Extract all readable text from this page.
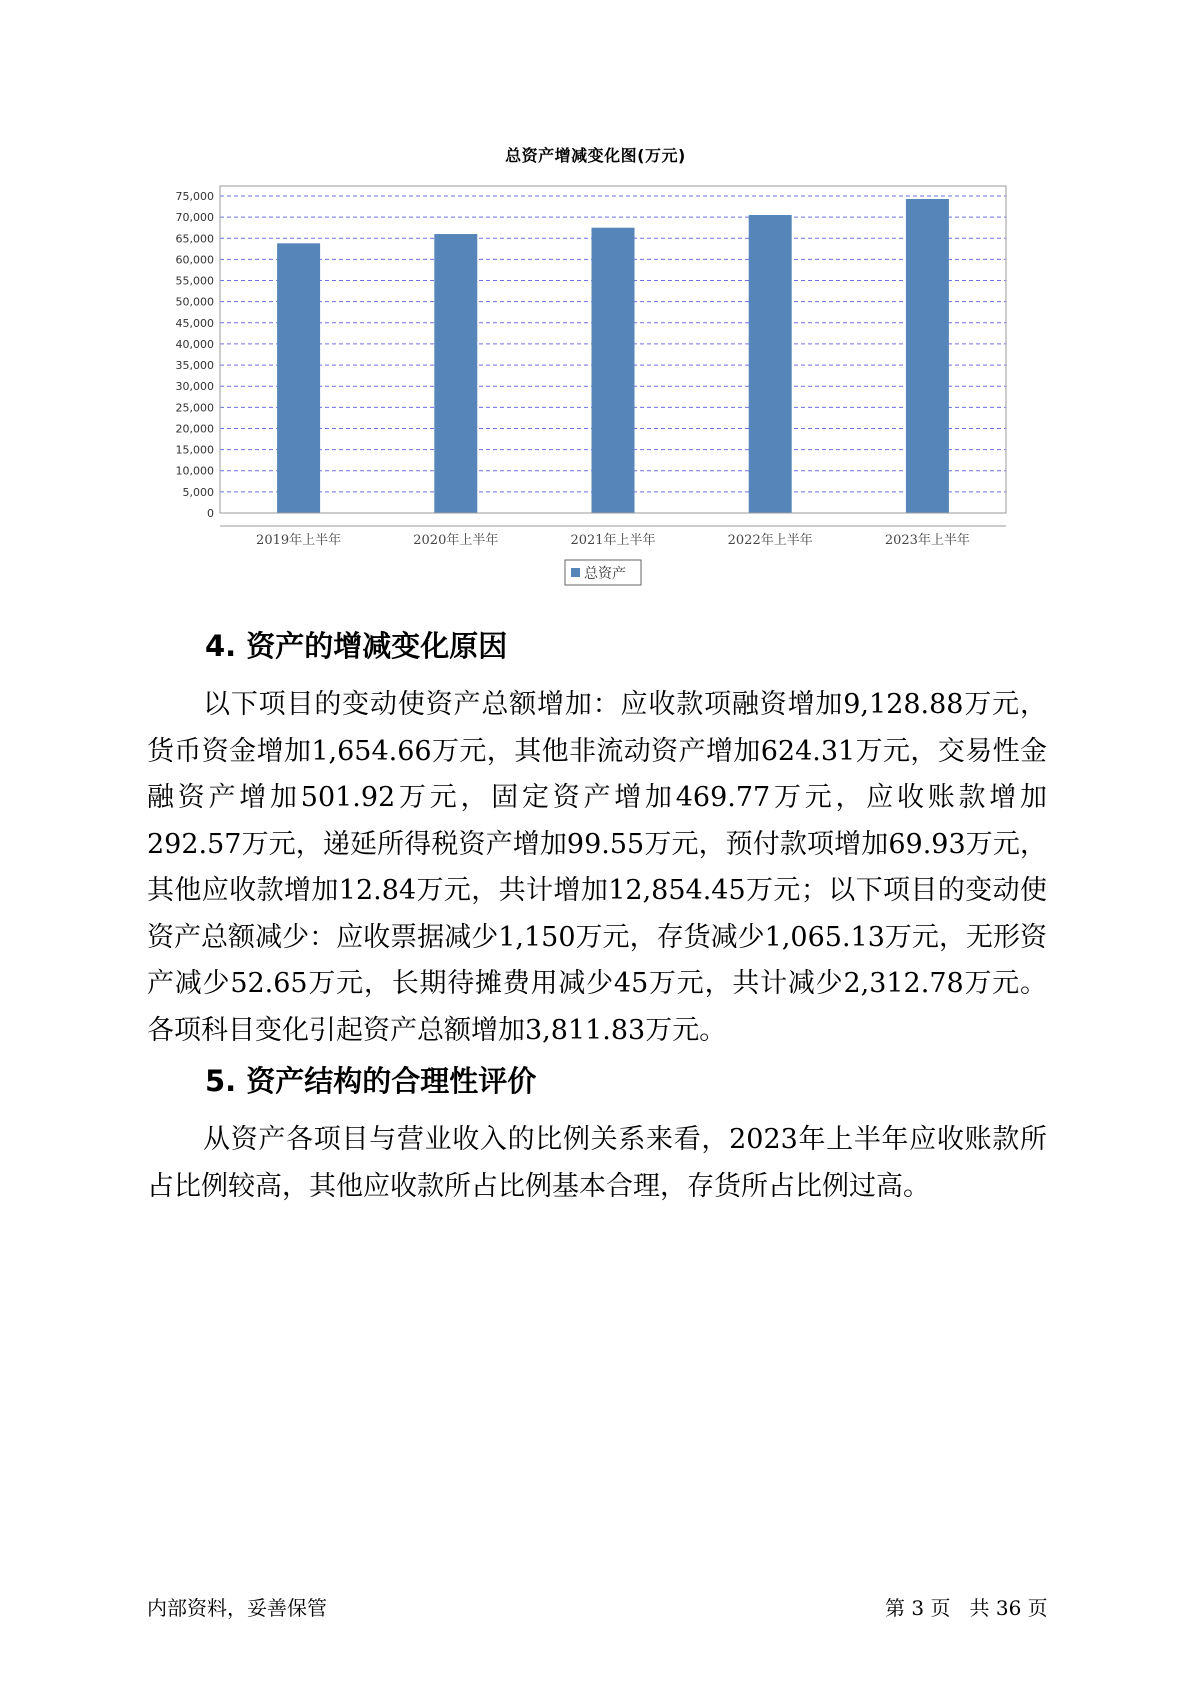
总资产增减变化图(万元)
0
5,000
10,000
15,000
20,000
25,000
30,000
35,000
40,000
45,000
50,000
55,000
60,000
65,000
70,000
75,000
2019年上半年	2020年上半年	2021年上半年	2022年上半年	2023年上半年
总资产
4. 资产的增减变化原因
以下项目的变动使资产总额增加：应收款项融资增加9,128.88万元，货币资金增加1,654.66万元，其他非流动资产增加624.31万元，交易性金融资产增加501.92万元，固定资产增加469.77万元，应收账款增加292.57万元，递延所得税资产增加99.55万元，预付款项增加69.93万元，其他应收款增加12.84万元，共计增加12,854.45万元；以下项目的变动使资产总额减少：应收票据减少1,150万元，存货减少1,065.13万元，无形资产减少52.65万元，长期待摊费用减少45万元，共计减少2,312.78万元。各项科目变化引起资产总额增加3,811.83万元。
5. 资产结构的合理性评价
从资产各项目与营业收入的比例关系来看，2023年上半年应收账款所占比例较高，其他应收款所占比例基本合理，存货所占比例过高。
内部资料，妥善保管	第 3 页   共 36 页
